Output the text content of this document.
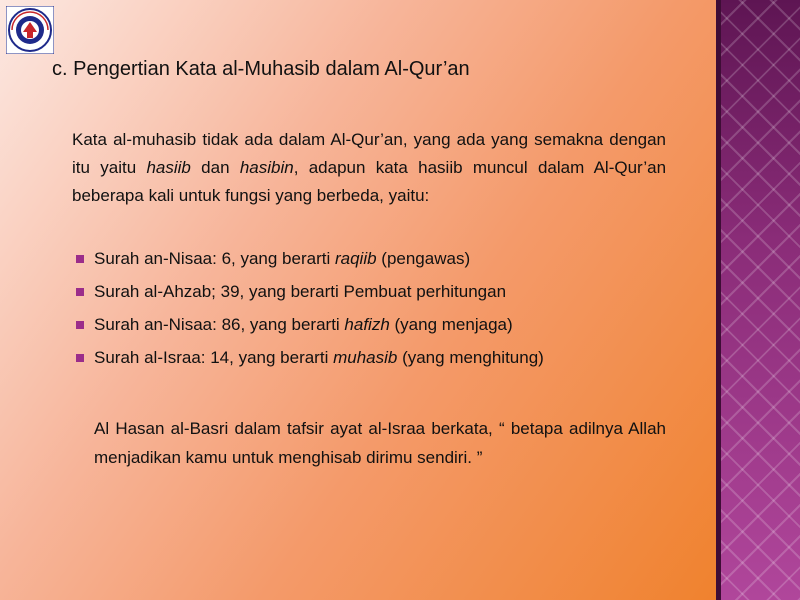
c. Pengertian Kata al-Muhasib dalam Al-Qur’an
Kata al-muhasib tidak ada dalam Al-Qur’an, yang ada yang semakna dengan itu yaitu hasiib dan hasibin, adapun kata hasiib muncul dalam Al-Qur’an beberapa kali untuk fungsi yang berbeda, yaitu:
Surah an-Nisaa: 6, yang berarti raqiib (pengawas)
Surah al-Ahzab; 39, yang berarti Pembuat perhitungan
Surah an-Nisaa: 86, yang berarti hafizh (yang menjaga)
Surah al-Israa: 14, yang berarti muhasib (yang menghitung)
Al Hasan al-Basri dalam tafsir ayat al-Israa berkata, “ betapa adilnya Allah menjadikan kamu untuk menghisab dirimu sendiri. ”
